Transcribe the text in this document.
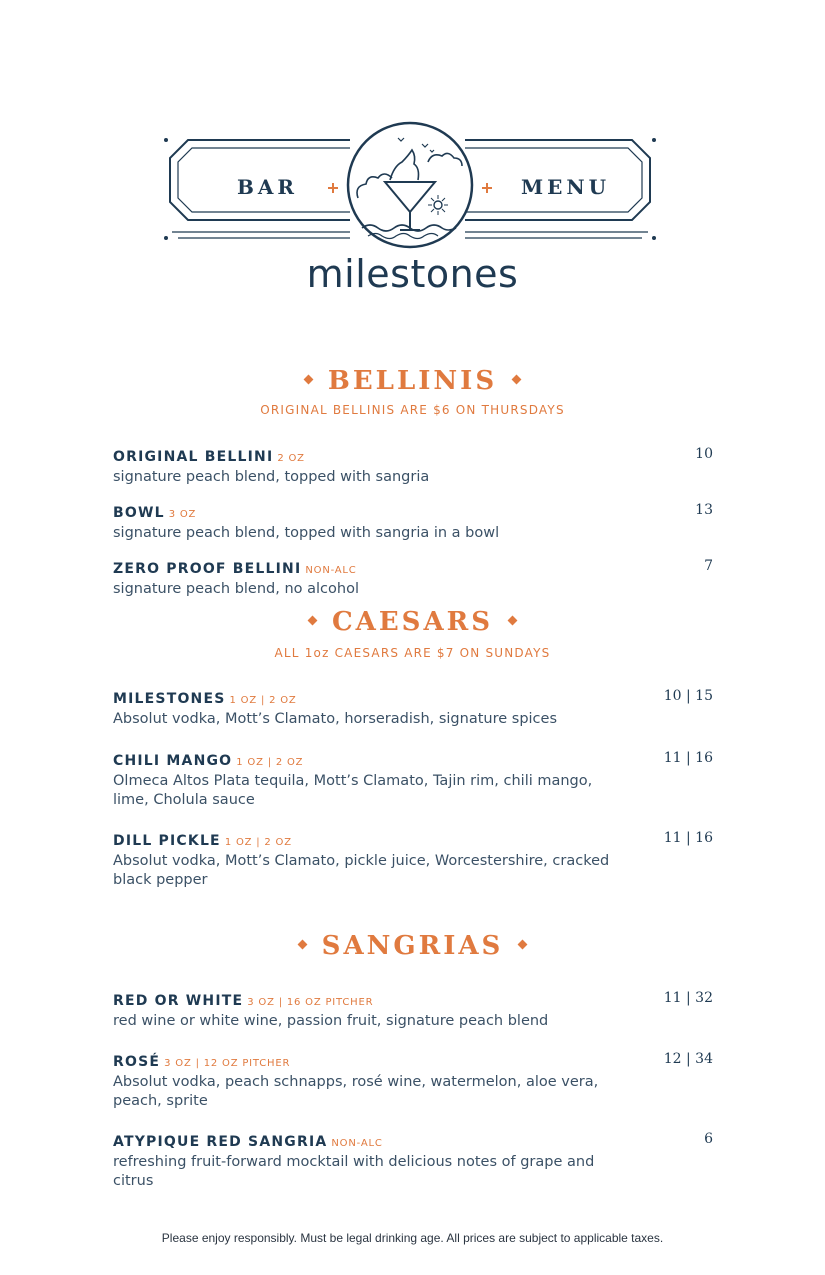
BAR	MENU
milestones
BELLINIS
ORIGINAL BELLINIS ARE $6 ON THURSDAYS
ORIGINAL BELLINI 2 OZ
signature peach blend, topped with sangria
10
BOWL 3 OZ
signature peach blend, topped with sangria in a bowl
13
ZERO PROOF BELLINI NON-ALC
signature peach blend, no alcohol
7
CAESARS
ALL 1oz CAESARS ARE $7 ON SUNDAYS
MILESTONES 1 OZ | 2 OZ
Absolut vodka, Mott’s Clamato, horseradish, signature spices
10 | 15
CHILI MANGO 1 OZ | 2 OZ
Olmeca Altos Plata tequila, Mott’s Clamato, Tajin rim, chili mango, lime, Cholula sauce
11 | 16
DILL PICKLE 1 OZ | 2 OZ
Absolut vodka, Mott’s Clamato, pickle juice, Worcestershire, cracked black pepper
11 | 16
SANGRIAS
RED OR WHITE 3 OZ | 16 OZ PITCHER
red wine or white wine, passion fruit, signature peach blend
11 | 32
ROSÉ 3 OZ | 12 OZ PITCHER
Absolut vodka, peach schnapps, rosé wine, watermelon, aloe vera, peach, sprite
12 | 34
ATYPIQUE RED SANGRIA NON-ALC
refreshing fruit-forward mocktail with delicious notes of grape and citrus
6
Please enjoy responsibly. Must be legal drinking age. All prices are subject to applicable taxes.
